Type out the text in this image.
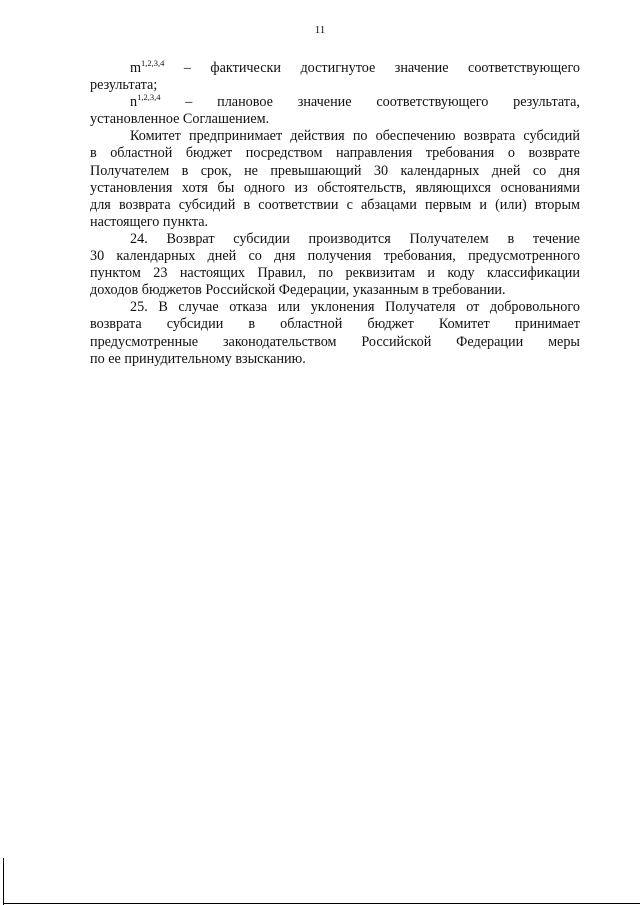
11
$m^{1,2,3,4}$ – фактически достигнутое значение соответствующего
результата;
$n^{1,2,3,4}$ – плановое значение соответствующего результата,
установленное Соглашением.
Комитет предпринимает действия по обеспечению возврата субсидий
в областной бюджет посредством направления требования о возврате
Получателем в срок, не превышающий 30 календарных дней со дня
установления хотя бы одного из обстоятельств, являющихся основаниями
для возврата субсидий в соответствии с абзацами первым и (или) вторым
настоящего пункта.
24. Возврат субсидии производится Получателем в течение
30 календарных дней со дня получения требования, предусмотренного
пунктом 23 настоящих Правил, по реквизитам и коду классификации
доходов бюджетов Российской Федерации, указанным в требовании.
25. В случае отказа или уклонения Получателя от добровольного
возврата субсидии в областной бюджет Комитет принимает
предусмотренные законодательством Российской Федерации меры
по ее принудительному взысканию.
